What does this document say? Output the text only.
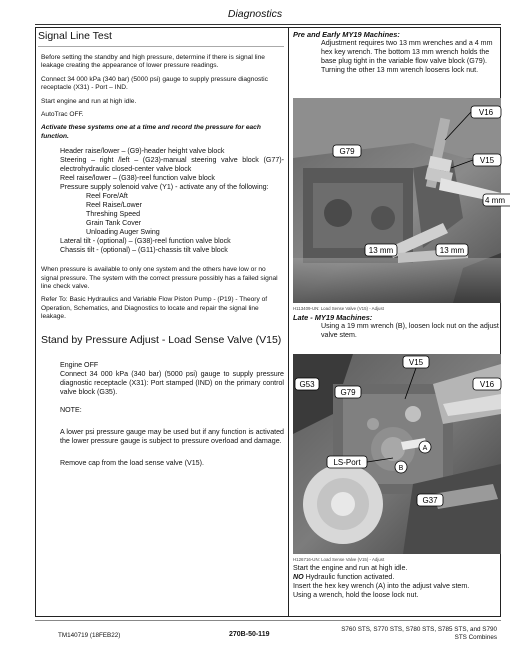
Diagnostics
Signal Line Test

Before setting the standby and high pressure, determine if there is signal line leakage creating the appearance of lower pressure readings.

Connect 34 000 kPa (340 bar) (5000 psi) gauge to supply pressure diagnostic receptacle (X31) - Port – IND.

Start engine and run at high idle.

AutoTrac OFF.

Activate these systems one at a time and record the pressure for each function.

Header raise/lower – (G9)-header height valve block

Steering – right /left – (G23)-manual steering valve block (G77)-electrohydraulic closed-center valve block

Reel raise/lower – (G38)-reel function valve block

Pressure supply solenoid valve (Y1) - activate any of the following:

Reel Fore/Aft

Reel Raise/Lower

Threshing Speed

Grain Tank Cover

Unloading Auger Swing

Lateral tilt - (optional) – (G38)-reel function valve block

Chassis tilt - (optional) – (G11)-chassis tilt valve block

When pressure is available to only one system and the others have low or no signal pressure. The system with the correct pressure possibly has a failed signal line check valve.

Refer To: Basic Hydraulics and Variable Flow Piston Pump - (P19) - Theory of Operation, Schematics, and Diagnostics to locate and repair the signal line leakage.

Stand by Pressure Adjust - Load Sense Valve (V15)

Engine OFF

Connect 34 000 kPa (340 bar) (5000 psi) gauge to supply pressure diagnostic receptacle (X31): Port stamped (IND) on the primary control valve block (G35).

NOTE:

A lower psi pressure gauge may be used but if any function is activated the lower pressure gauge is subject to pressure overload and damage.

Remove cap from the load sense valve (V15).

Pre and Early MY19 Machines:

Adjustment requires two 13 mm wrenches and a 4 mm hex key wrench. The bottom 13 mm wrench holds the base plug tight in the variable flow valve block (G79). Turning the other 13 mm wrench loosens lock nut.

G79
V16
V15
4 mm
13 mm	13 mm
H113409-UN: Load Sense Valve (V15) - Adjust
Late - MY19 Machines:

Using a 19 mm wrench (B), loosen lock nut on the adjust valve stem.

V15
G53
G79
V16
LS-Port
A
B
G37
H126716-UN: Load Sense Valve (V15) - Adjust

Start the engine and run at high idle.

NO Hydraulic function activated.

Insert the hex key wrench (A) into the adjust valve stem.

Using a wrench, hold the loose lock nut.

TM140719 (18FEB22)	270B-50-119
S760 STS, S770 STS, S780 STS, S785 STS, and S790
STS Combines
